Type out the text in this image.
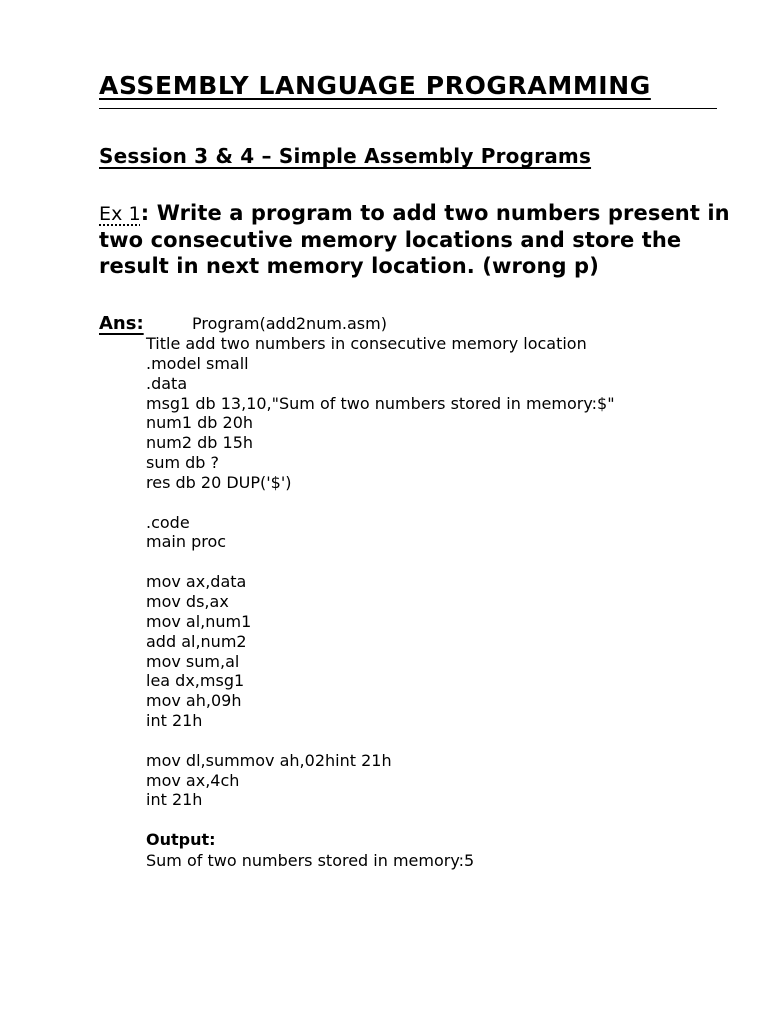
ASSEMBLY LANGUAGE PROGRAMMING
Session 3 & 4 – Simple Assembly Programs
Ex 1: Write a program to add two numbers present in two consecutive memory locations and store the result in next memory location. (wrong p)
Ans:	Program(add2num.asm)
Title add two numbers in consecutive memory location
.model small
.data
msg1 db 13,10,"Sum of two numbers stored in memory:$"
num1 db 20h
num2 db 15h
sum db ?
res db 20 DUP('$')
.code
main proc
mov ax,data
mov ds,ax
mov al,num1
add al,num2
mov sum,al
lea dx,msg1
mov ah,09h
int 21h
mov dl,summov ah,02hint 21h
mov ax,4ch
int 21h
Output:
Sum of two numbers stored in memory:5
